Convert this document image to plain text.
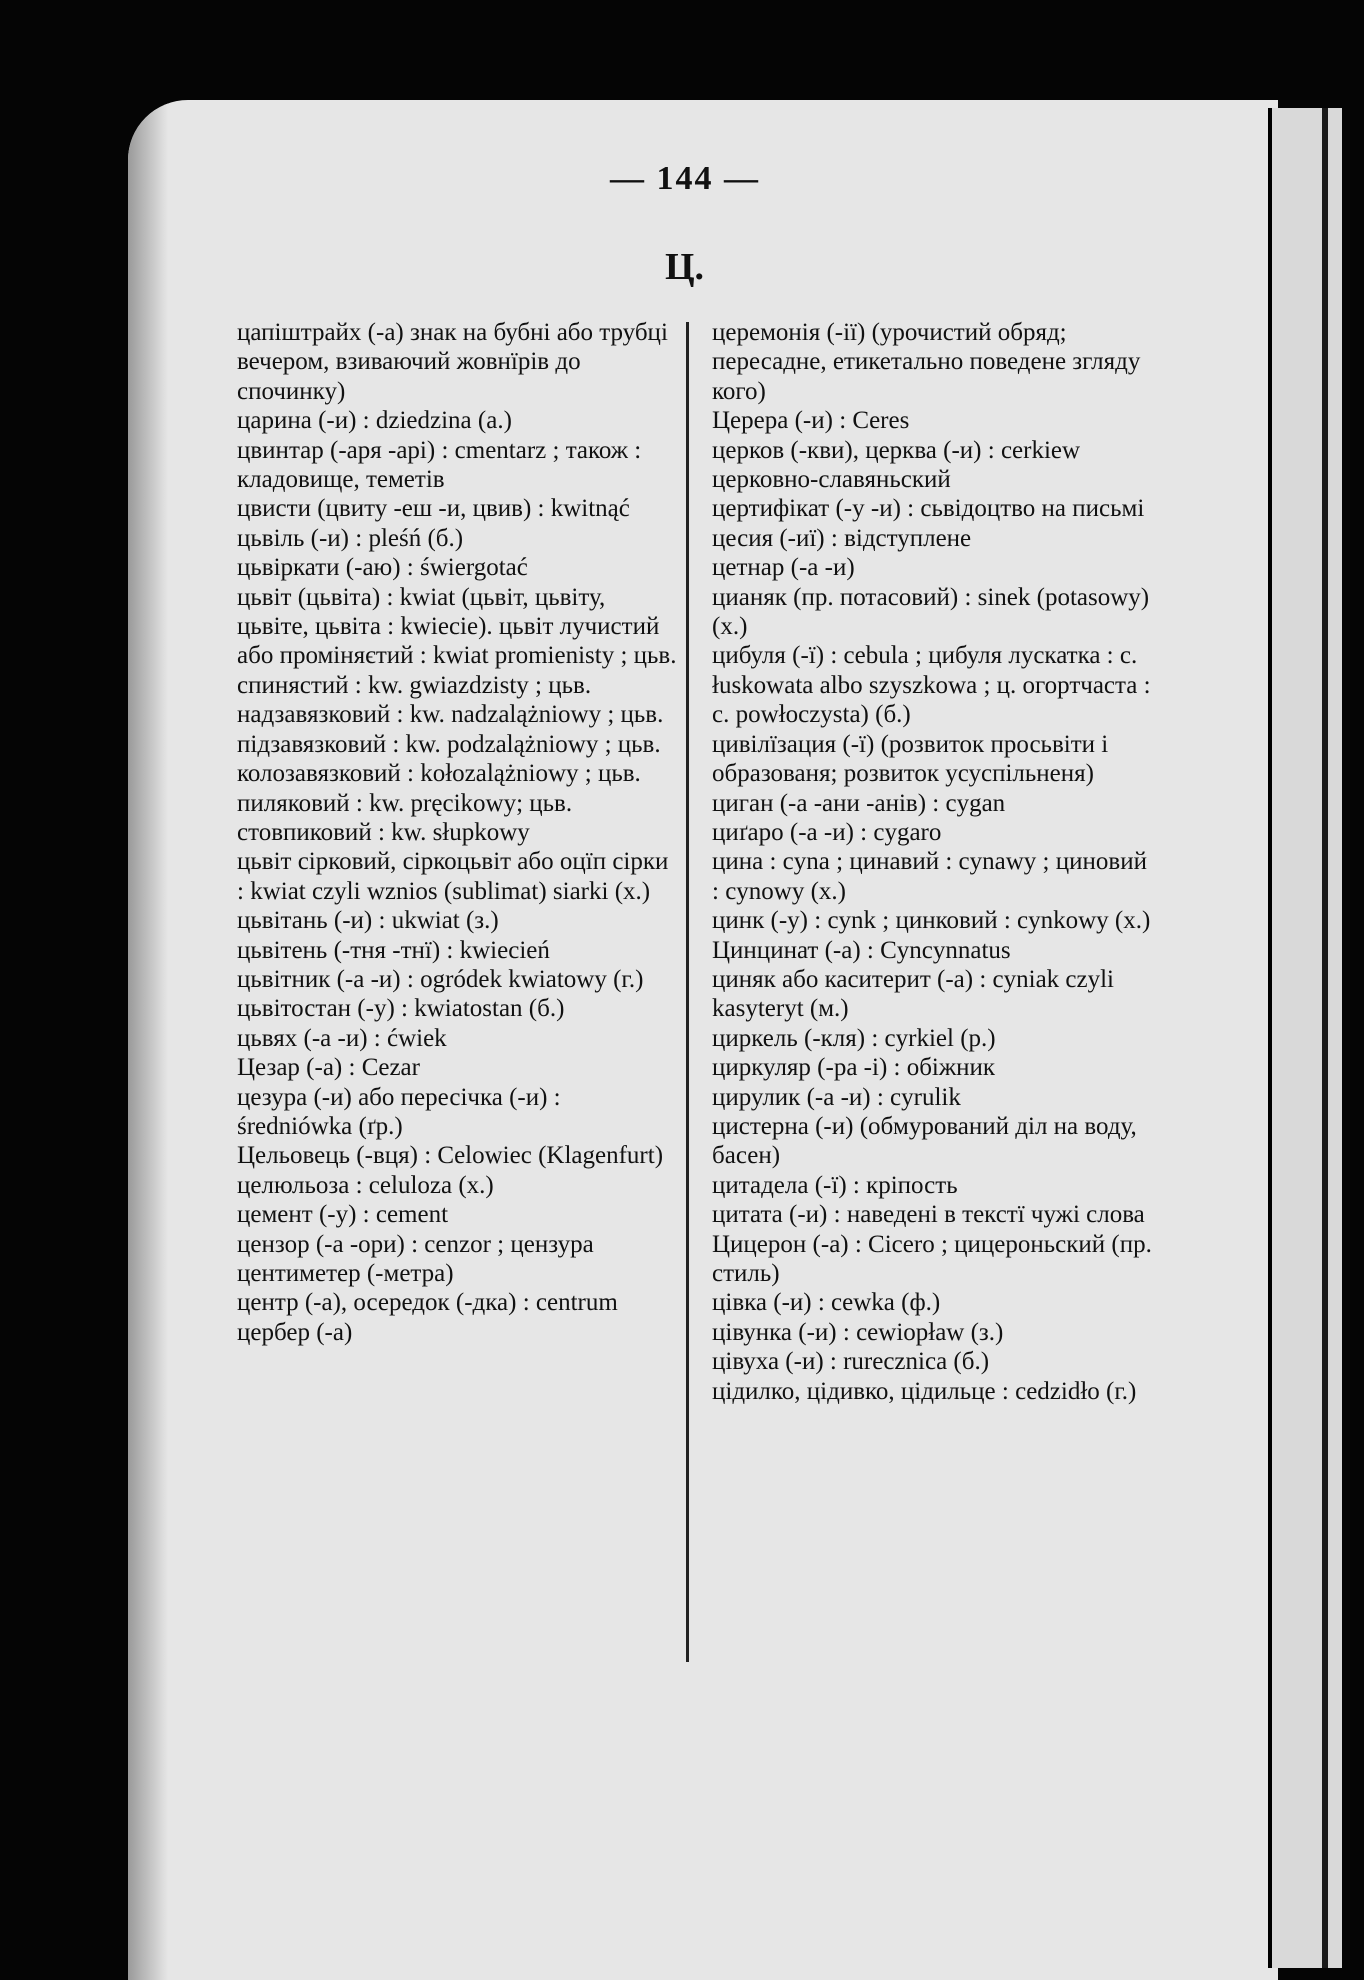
— 144 —
Ц.

цапіштрайх (-а) знак на бубні або трубці вечером, взиваючий жовнїрів до спочинку)

царина (-и) : dziedzina (а.)

цвинтар (-аря -арі) : cmentarz ; також : кладовище, теметів

цвисти (цвиту -еш -и, цвив) : kwitnąć

цьвіль (-и) : pleśń (б.)

цьвіркати (-аю) : świergotać

цьвіт (цьвіта) : kwiat (цьвіт, цьвіту, цьвіте, цьвіта : kwiecie). цьвіт лучистий або проміняєтий : kwiat promienisty ; цьв. спинястий : kw. gwiazdzisty ; цьв. надзавязковий : kw. nadzalążniowy ; цьв. підзавязковий : kw. podzalążniowy ; цьв. колозавязковий : kołozalążniowy ; цьв. пиляковий : kw. pręcikowy; цьв. стовпиковий : kw. słupkowy

цьвіт сірковий, сіркоцьвіт або оцїп сірки : kwiat czyli wznios (sublimat) siarki (х.)

цьвітань (-и) : ukwiat (з.)

цьвітень (-тня -тнї) : kwiecień

цьвітник (-а -и) : ogródek kwiatowy (г.)

цьвітостан (-у) : kwiatostan (б.)

цьвях (-а -и) : ćwiek

Цезар (-а) : Cezar

цезура (-и) або пересічка (-и) : średniówka (ґр.)

Цельовець (-вця) : Celowiec (Klagenfurt)

целюльоза : celuloza (х.)

цемент (-у) : cement

цензор (-а -ори) : cenzor ; цензура

центиметер (-метра)

центр (-а), осередок (-дка) : centrum

цербер (-а)

церемонія (-ії) (урочистий обряд; пересадне, етикетально поведене згляду кого)

Церера (-и) : Ceres

церков (-кви), церква (-и) : cerkiew

церковно-славяньский

цертифікат (-у -и) : сьвідоцтво на письмі

цесия (-иї) : відступлене

цетнар (-а -и)

цианяк (пр. потасовий) : sinek (potasowy) (х.)

цибуля (-ї) : cebula ; цибуля лускатка : c. łuskowata albo szyszkowa ; ц. огортчаста : c. powłoczysta) (б.)

цивілїзация (-ї) (розвиток просьвіти і образованя; розвиток усуспільненя)

циган (-а -ани -анів) : cygan

циґаро (-а -и) : cygaro

цина : cyna ; цинавий : cynawy ; циновий : cynowy (х.)

цинк (-у) : cynk ; цинковий : cynkowy (х.)

Цинцинат (-а) : Cyncynnatus

циняк або каситерит (-а) : cyniak czyli kasyteryt (м.)

циркель (-кля) : cyrkiel (р.)

циркуляр (-ра -і) : обіжник

цирулик (-а -и) : cyrulik

цистерна (-и) (обмурований діл на воду, басен)

цитадела (-ї) : кріпость

цитата (-и) : наведені в текстї чужі слова

Цицерон (-а) : Cicero ; цицероньский (пр. стиль)

цівка (-и) : cewka (ф.)

цівунка (-и) : cewiopław (з.)

цівуха (-и) : rurecznica (б.)

цідилко, цідивко, цідильце : cedzidło (г.)
